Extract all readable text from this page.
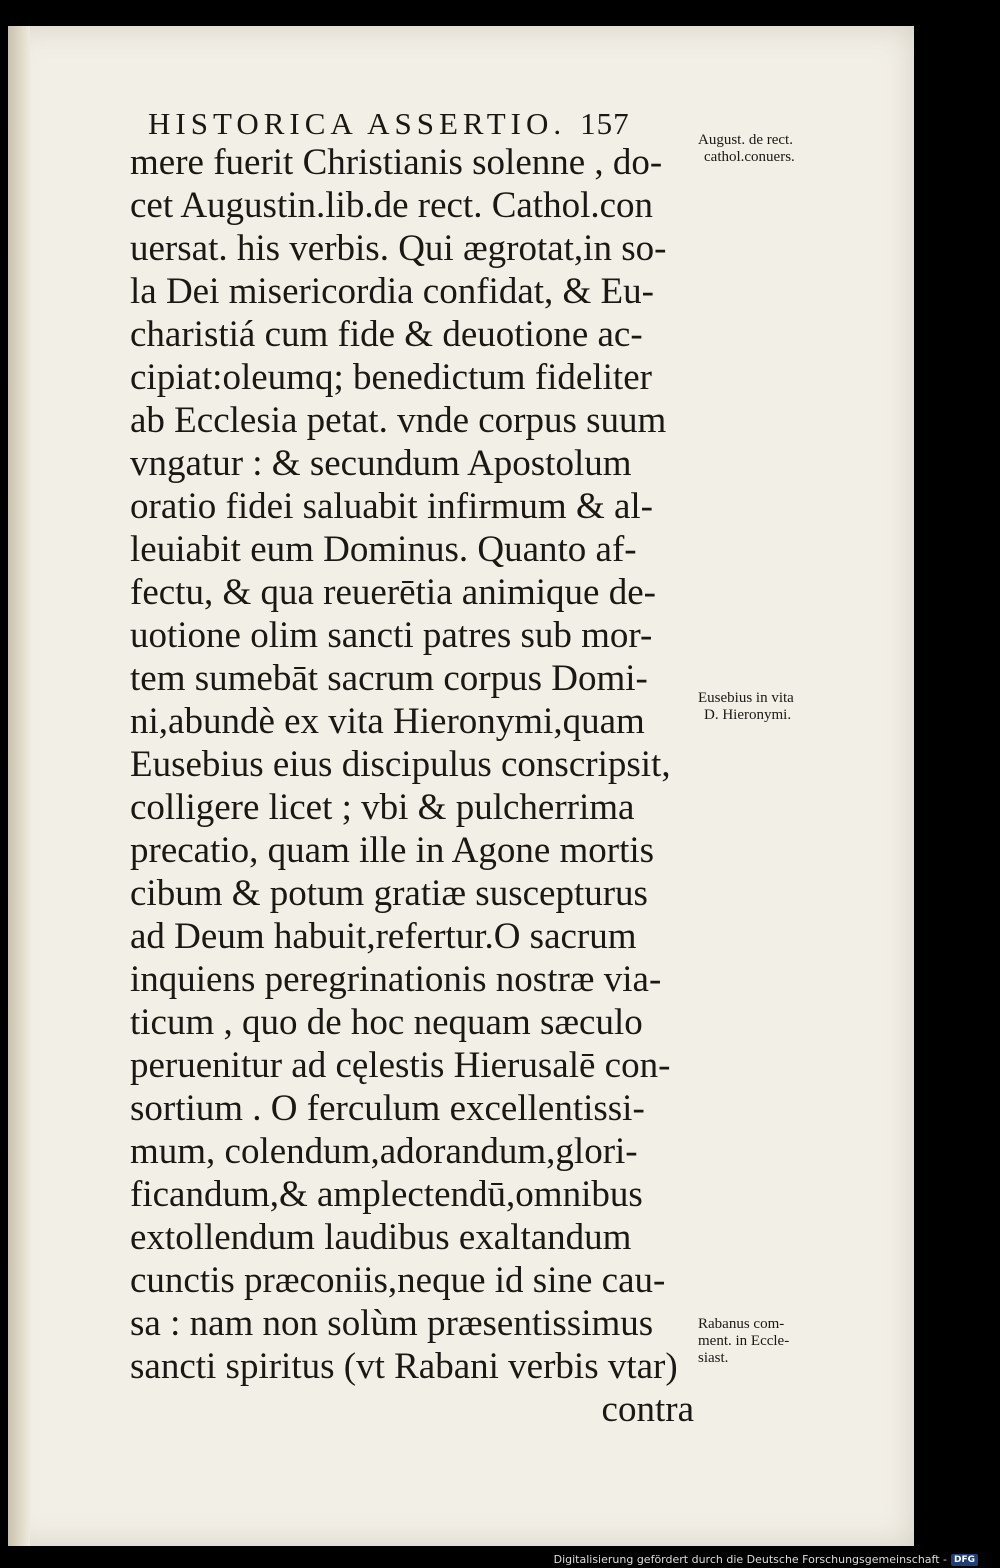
HISTORICA ASSERTIO. 157
mere fuerit Christianis solenne , do-
cet Augustin.lib.de rect. Cathol.con
uersat. his verbis. Qui ægrotat,in so-
la Dei misericordia confidat, & Eu-
charistiá cum fide & deuotione ac-
cipiat:oleumq; benedictum fideliter
ab Ecclesia petat. vnde corpus suum
vngatur : & secundum Apostolum
oratio fidei saluabit infirmum & al-
leuiabit eum Dominus. Quanto af-
fectu, & qua reuerētia animique de-
uotione olim sancti patres sub mor-
tem sumebāt sacrum corpus Domi-
ni,abundè ex vita Hieronymi,quam
Eusebius eius discipulus conscripsit,
colligere licet ; vbi & pulcherrima
precatio, quam ille in Agone mortis
cibum & potum gratiæ suscepturus
ad Deum habuit,refertur.O sacrum
inquiens peregrinationis nostræ via-
ticum , quo de hoc nequam sæculo
peruenitur ad cęlestis Hierusalē con-
sortium . O ferculum excellentissi-
mum, colendum,adorandum,glori-
ficandum,& amplectendū,omnibus
extollendum laudibus exaltandum
cunctis præconiis,neque id sine cau-
sa : nam non solùm præsentissimus
sancti spiritus (vt Rabani verbis vtar)
contra
August. de rect.
cathol.conuers.
Eusebius in vita
D. Hieronymi.
Rabanus com-
ment. in Eccle-
siast.
Digitalisierung gefördert durch die Deutsche Forschungsgemeinschaft - DFG
